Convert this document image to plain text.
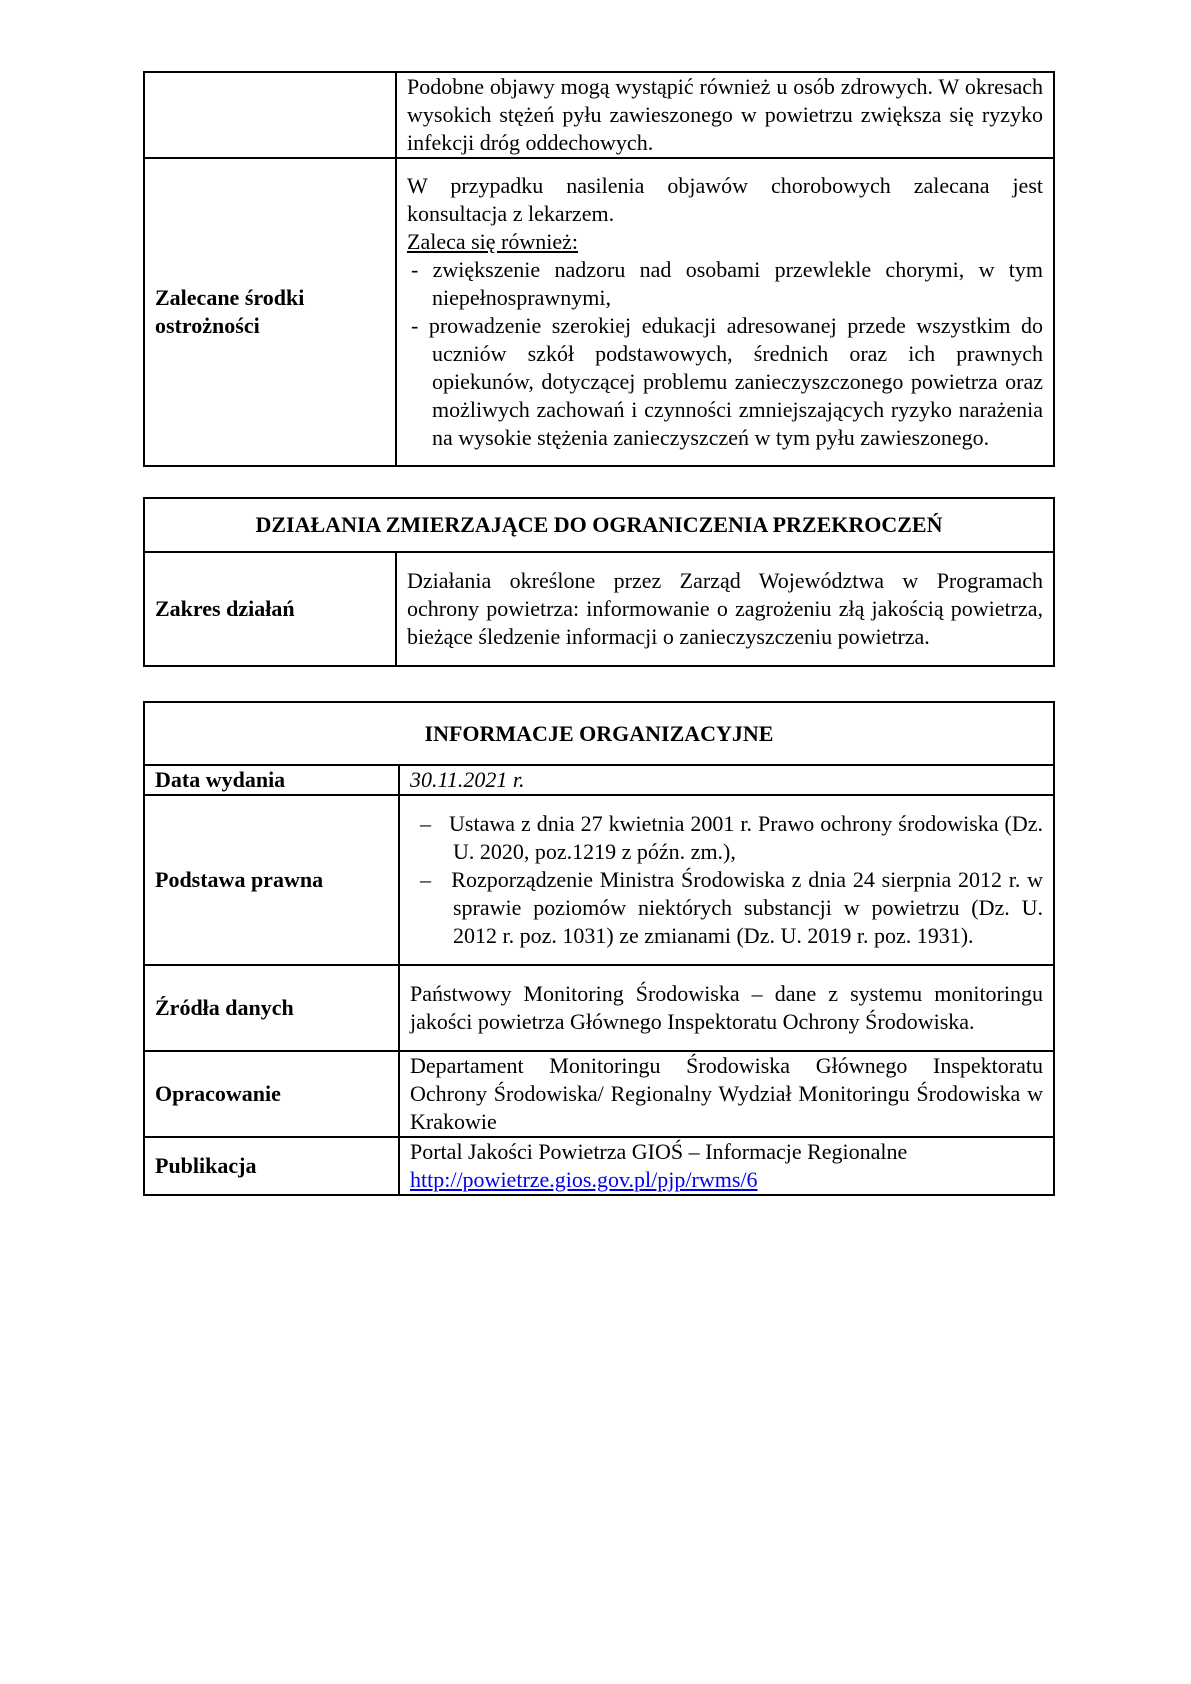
	Podobne objawy mogą wystąpić również u osób zdrowych. W okresach wysokich stężeń pyłu zawieszonego w powietrzu zwiększa się ryzyko infekcji dróg oddechowych.
Zalecane środki ostrożności	W przypadku nasilenia objawów chorobowych zalecana jest konsultacja z lekarzem.
Zaleca się również:
- zwiększenie nadzoru nad osobami przewlekle chorymi, w tym niepełnosprawnymi,
- prowadzenie szerokiej edukacji adresowanej przede wszystkim do uczniów szkół podstawowych, średnich oraz ich prawnych opiekunów, dotyczącej problemu zanieczyszczonego powietrza oraz możliwych zachowań i czynności zmniejszających ryzyko narażenia na wysokie stężenia zanieczyszczeń w tym pyłu zawieszonego.
DZIAŁANIA ZMIERZAJĄCE DO OGRANICZENIA PRZEKROCZEŃ
Zakres działań	Działania określone przez Zarząd Województwa w Programach ochrony powietrza: informowanie o zagrożeniu złą jakością powietrza, bieżące śledzenie informacji o zanieczyszczeniu powietrza.
INFORMACJE ORGANIZACYJNE	
Data wydania	30.11.2021 r.
Podstawa prawna	–   Ustawa z dnia 27 kwietnia 2001 r. Prawo ochrony środowiska (Dz. U. 2020, poz.1219 z późn. zm.),
–   Rozporządzenie Ministra Środowiska z dnia 24 sierpnia 2012 r. w sprawie poziomów niektórych substancji w powietrzu (Dz. U. 2012 r. poz. 1031) ze zmianami (Dz. U. 2019 r. poz. 1931).

Źródła danych	Państwowy Monitoring Środowiska – dane z systemu monitoringu jakości powietrza Głównego Inspektoratu Ochrony Środowiska.
Opracowanie	Departament Monitoringu Środowiska Głównego Inspektoratu Ochrony Środowiska/ Regionalny Wydział Monitoringu Środowiska w Krakowie
Publikacja	Portal Jakości Powietrza GIOŚ – Informacje Regionalne
http://powietrze.gios.gov.pl/pjp/rwms/6
